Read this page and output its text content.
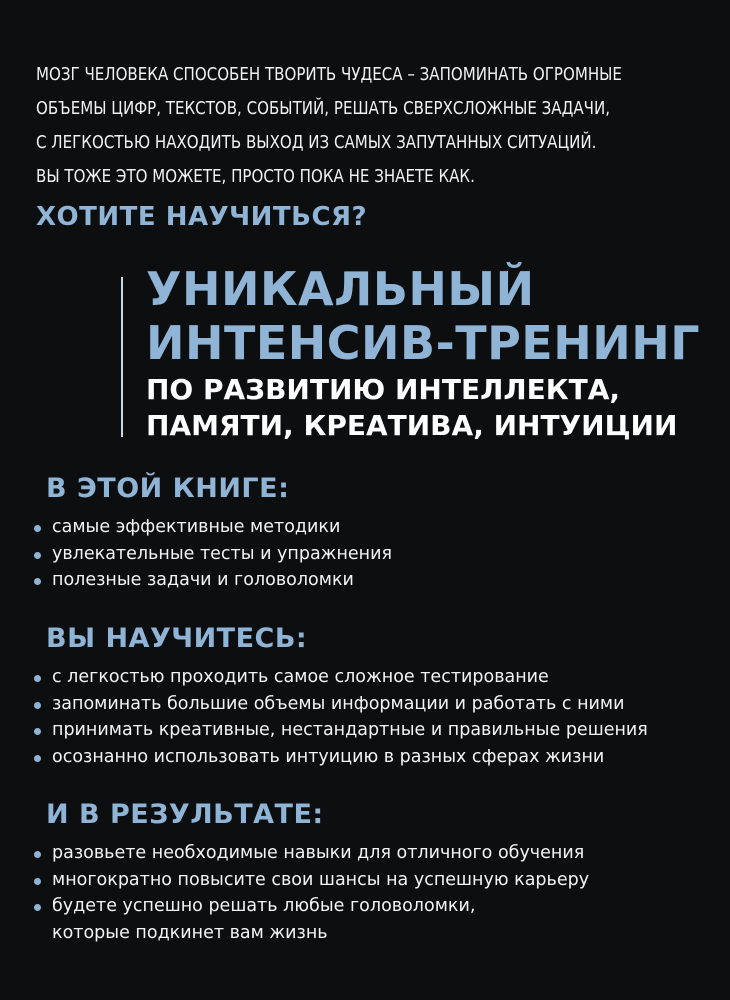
МОЗГ ЧЕЛОВЕКА СПОСОБЕН ТВОРИТЬ ЧУДЕСА – ЗАПОМИНАТЬ ОГРОМНЫЕ
ОБЪЕМЫ ЦИФР, ТЕКСТОВ, СОБЫТИЙ, РЕШАТЬ СВЕРХСЛОЖНЫЕ ЗАДАЧИ,
С ЛЕГКОСТЬЮ НАХОДИТЬ ВЫХОД ИЗ САМЫХ ЗАПУТАННЫХ СИТУАЦИЙ.
ВЫ ТОЖЕ ЭТО МОЖЕТЕ, ПРОСТО ПОКА НЕ ЗНАЕТЕ КАК.
ХОТИТЕ НАУЧИТЬСЯ?
УНИКАЛЬНЫЙ
ИНТЕНСИВ-ТРЕНИНГ
ПО РАЗВИТИЮ ИНТЕЛЛЕКТА,
ПАМЯТИ, КРЕАТИВА, ИНТУИЦИИ
В ЭТОЙ КНИГЕ:
самые эффективные методики
увлекательные тесты и упражнения
полезные задачи и головоломки
ВЫ НАУЧИТЕСЬ:
с легкостью проходить самое сложное тестирование
запоминать большие объемы информации и работать с ними
принимать креативные, нестандартные и правильные решения
осознанно использовать интуицию в разных сферах жизни
И В РЕЗУЛЬТАТЕ:
разовьете необходимые навыки для отличного обучения
многократно повысите свои шансы на успешную карьеру
будете успешно решать любые головоломки,
которые подкинет вам жизнь
